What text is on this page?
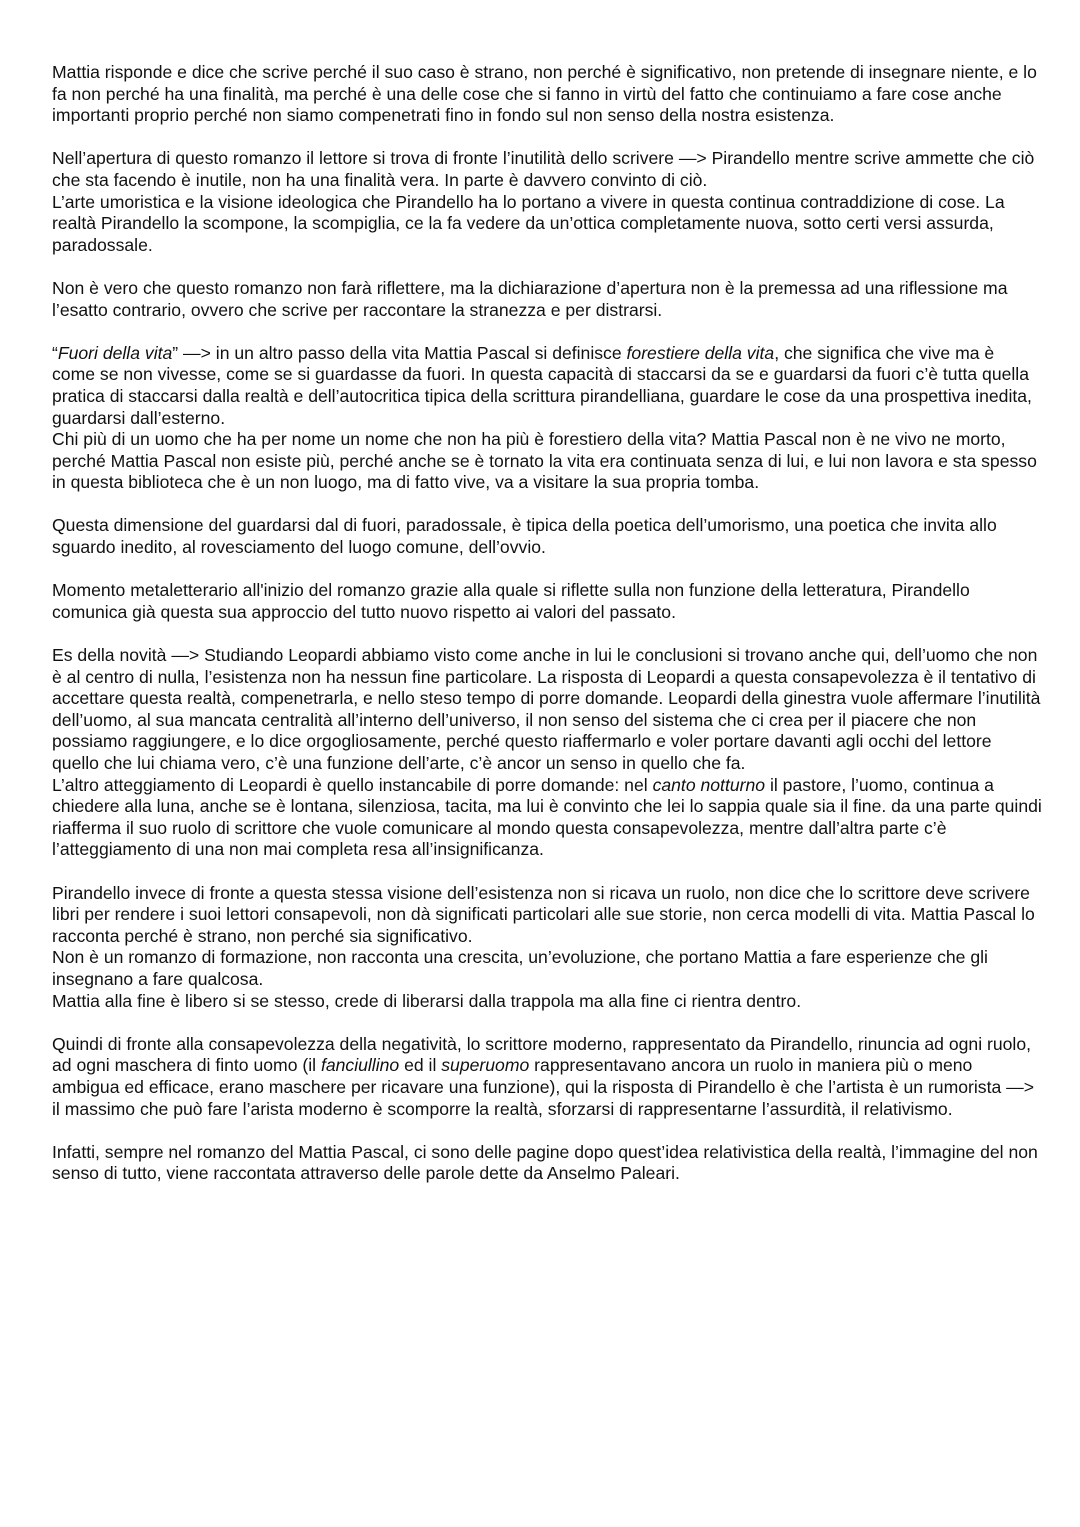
Mattia risponde e dice che scrive perché il suo caso è strano, non perché è significativo, non pretende di insegnare niente, e lo fa non perché ha una finalità, ma perché è una delle cose che si fanno in virtù del fatto che continuiamo a fare cose anche importanti proprio perché non siamo compenetrati fino in fondo sul non senso della nostra esistenza.

Nell’apertura di questo romanzo il lettore si trova di fronte l’inutilità dello scrivere —> Pirandello mentre scrive ammette che ciò che sta facendo è inutile, non ha una finalità vera. In parte è davvero convinto di ciò.

L’arte umoristica e la visione ideologica che Pirandello ha lo portano a vivere in questa continua contraddizione di cose. La realtà Pirandello la scompone, la scompiglia, ce la fa vedere da un’ottica completamente nuova, sotto certi versi assurda, paradossale.

Non è vero che questo romanzo non farà riflettere, ma la dichiarazione d’apertura non è la premessa ad una riflessione ma l’esatto contrario, ovvero che scrive per raccontare la stranezza e per distrarsi.

“Fuori della vita” —> in un altro passo della vita Mattia Pascal si definisce forestiere della vita, che significa che vive ma è come se non vivesse, come se si guardasse da fuori. In questa capacità di staccarsi da se e guardarsi da fuori c’è tutta quella pratica di staccarsi dalla realtà e dell’autocritica tipica della scrittura pirandelliana, guardare le cose da una prospettiva inedita, guardarsi dall’esterno.

Chi più di un uomo che ha per nome un nome che non ha più è forestiero della vita? Mattia Pascal non è ne vivo ne morto, perché Mattia Pascal non esiste più, perché anche se è tornato la vita era continuata senza di lui, e lui non lavora e sta spesso in questa biblioteca che è un non luogo, ma di fatto vive, va a visitare la sua propria tomba.

Questa dimensione del guardarsi dal di fuori, paradossale, è tipica della poetica dell’umorismo, una poetica che invita allo sguardo inedito, al rovesciamento del luogo comune, dell’ovvio.

Momento metaletterario all'inizio del romanzo grazie alla quale si riflette sulla non funzione della letteratura, Pirandello comunica già questa sua approccio del tutto nuovo rispetto ai valori del passato.

Es della novità —> Studiando Leopardi abbiamo visto come anche in lui le conclusioni si trovano anche qui, dell’uomo che non è al centro di nulla, l’esistenza non ha nessun fine particolare. La risposta di Leopardi a questa consapevolezza è il tentativo di accettare questa realtà, compenetrarla, e nello steso tempo di porre domande. Leopardi della ginestra vuole affermare l’inutilità dell’uomo, al sua mancata centralità all’interno dell’universo, il non senso del sistema che ci crea per il piacere che non possiamo raggiungere, e lo dice orgogliosamente, perché questo riaffermarlo e voler portare davanti agli occhi del lettore quello che lui chiama vero, c’è una funzione dell’arte, c’è ancor un senso in quello che fa.

L’altro atteggiamento di Leopardi è quello instancabile di porre domande: nel canto notturno il pastore, l’uomo, continua a chiedere alla luna, anche se è lontana, silenziosa, tacita, ma lui è convinto che lei lo sappia quale sia il fine. da una parte quindi riafferma il suo ruolo di scrittore che vuole comunicare al mondo questa consapevolezza, mentre dall’altra parte c’è l’atteggiamento di una non mai completa resa all’insignificanza.

Pirandello invece di fronte a questa stessa visione dell’esistenza non si ricava un ruolo, non dice che lo scrittore deve scrivere libri per rendere i suoi lettori consapevoli, non dà significati particolari alle sue storie, non cerca modelli di vita. Mattia Pascal lo racconta perché è strano, non perché sia significativo.

Non è un romanzo di formazione, non racconta una crescita, un’evoluzione, che portano Mattia a fare esperienze che gli insegnano a fare qualcosa.

Mattia alla fine è libero si se stesso, crede di liberarsi dalla trappola ma alla fine ci rientra dentro.

Quindi di fronte alla consapevolezza della negatività, lo scrittore moderno, rappresentato da Pirandello, rinuncia ad ogni ruolo, ad ogni maschera di finto uomo (il fanciullino ed il superuomo rappresentavano ancora un ruolo in maniera più o meno ambigua ed efficace, erano maschere per ricavare una funzione), qui la risposta di Pirandello è che l’artista è un rumorista —> il massimo che può fare l’arista moderno è scomporre la realtà, sforzarsi di rappresentarne l’assurdità, il relativismo.

Infatti, sempre nel romanzo del Mattia Pascal, ci sono delle pagine dopo quest’idea relativistica della realtà, l’immagine del non senso di tutto, viene raccontata attraverso delle parole dette da Anselmo Paleari.
